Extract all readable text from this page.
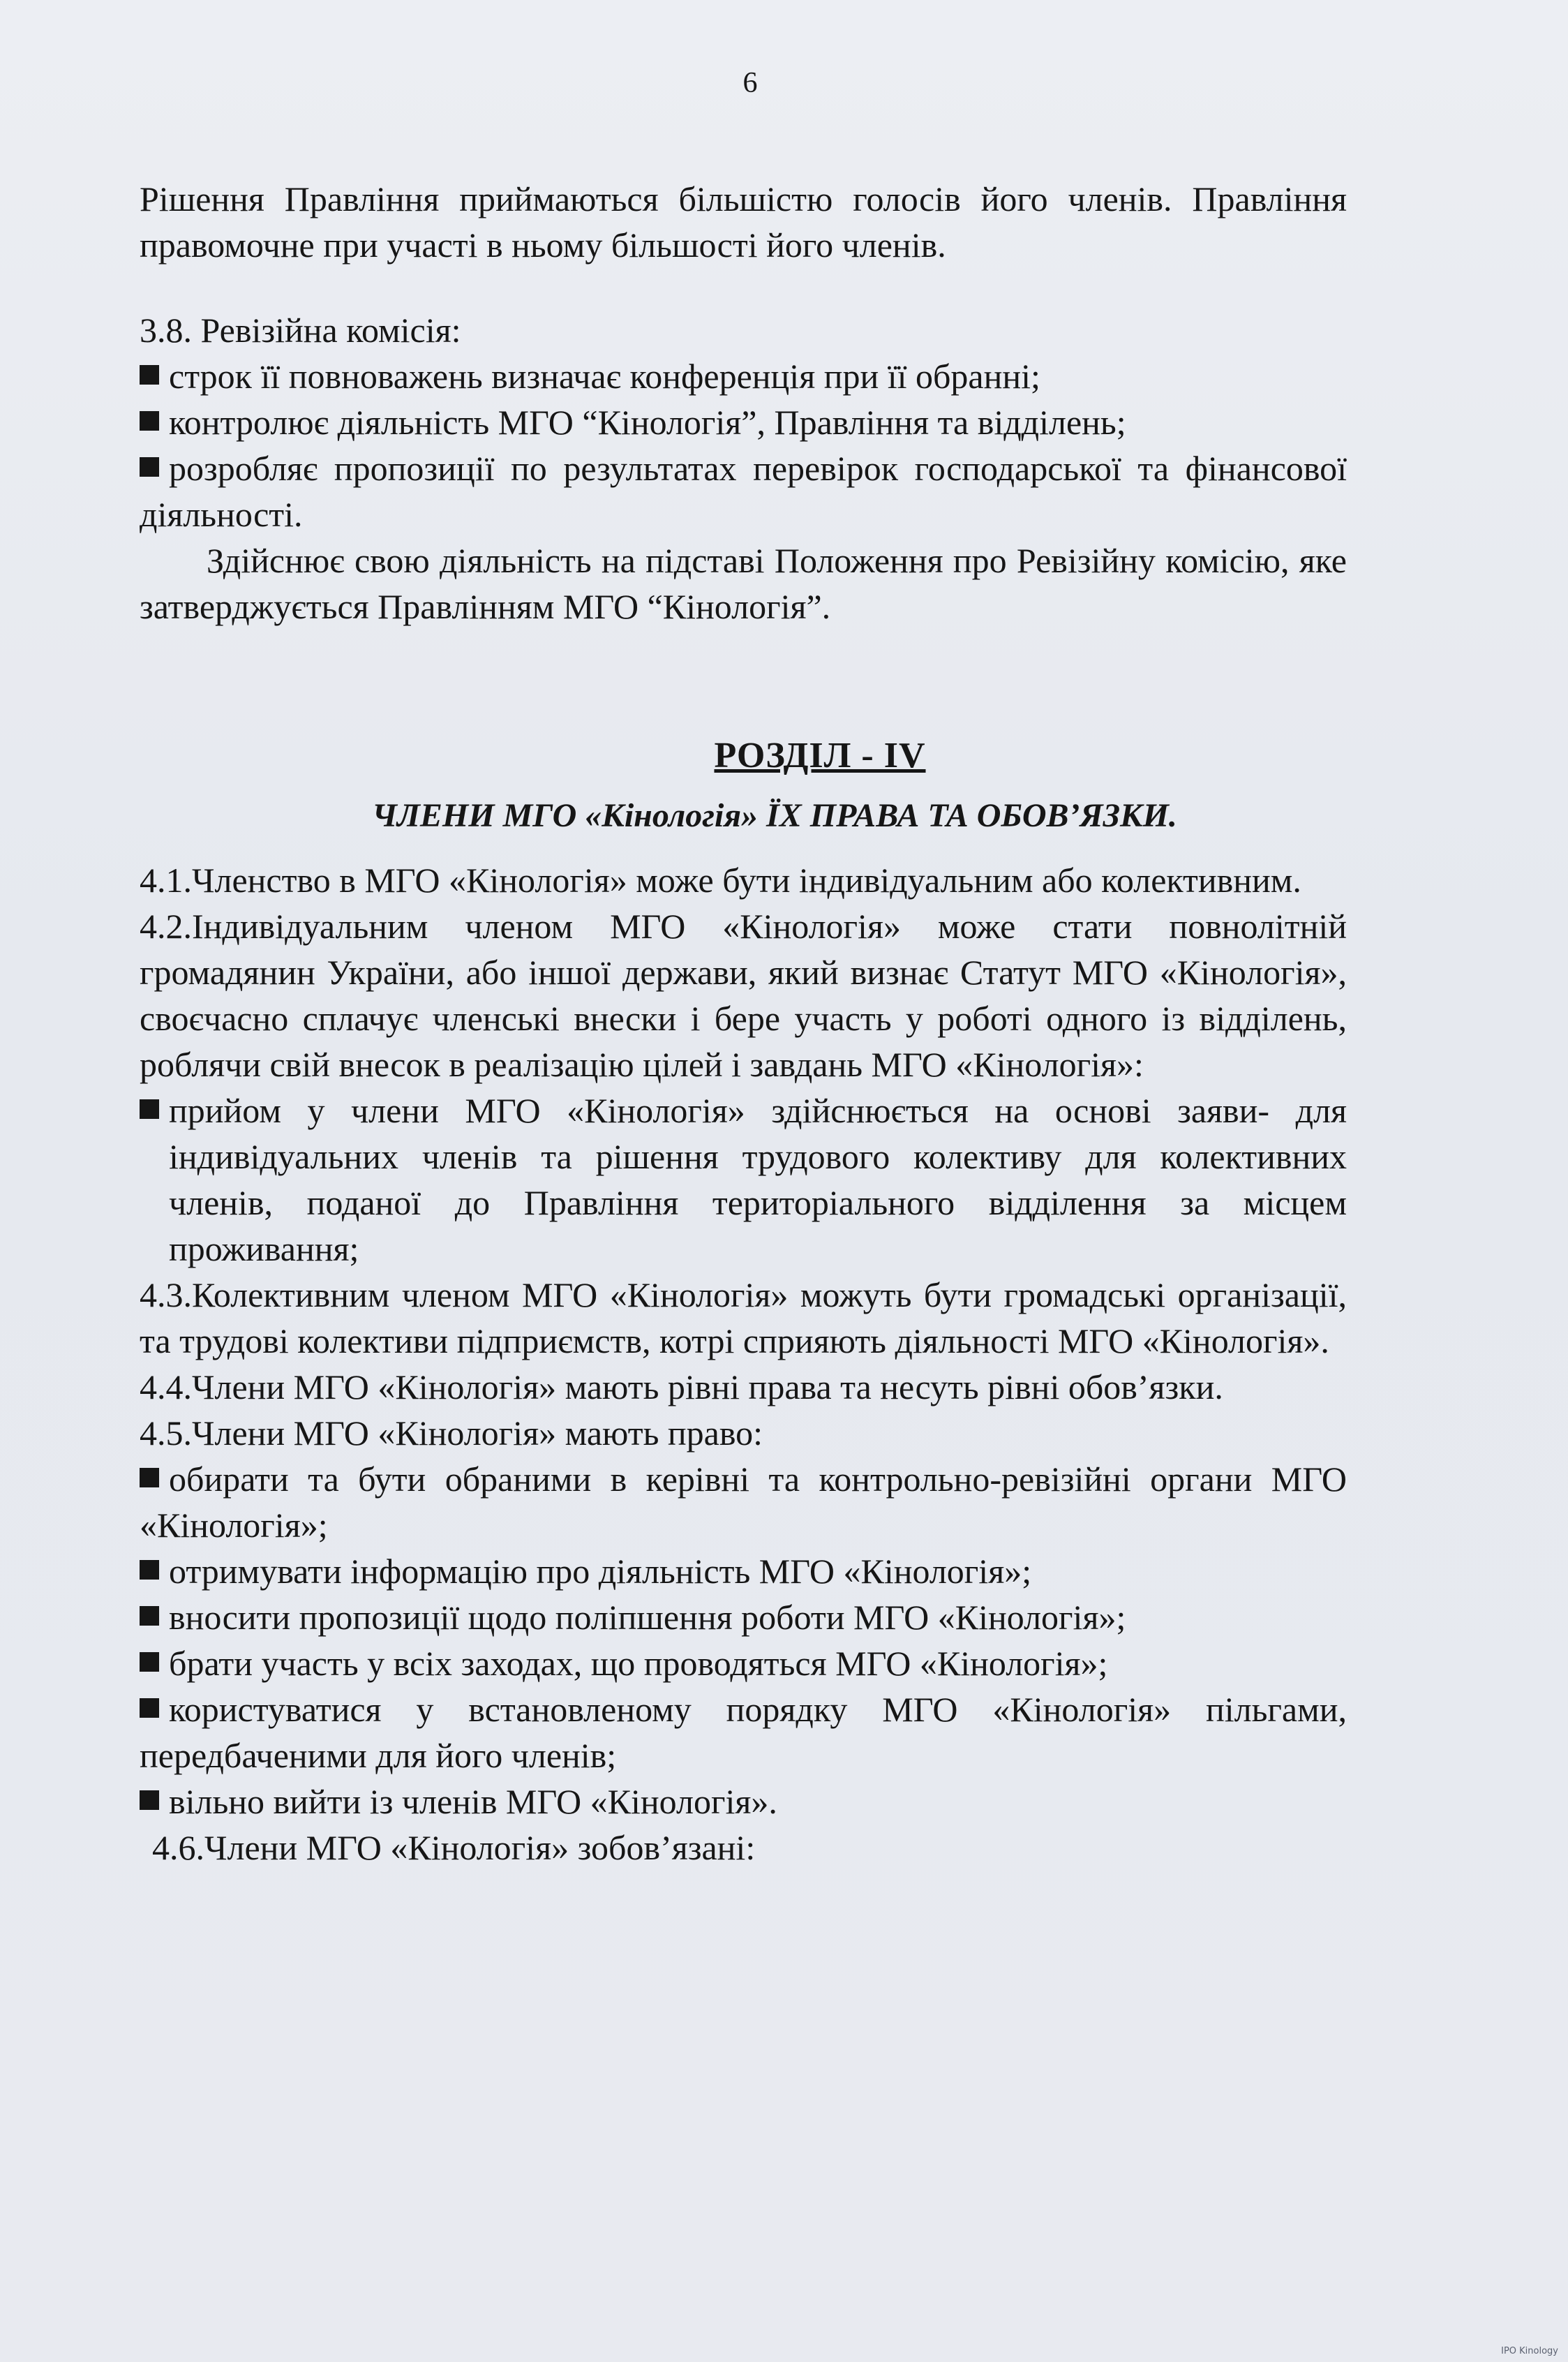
6

Рішення Правління приймаються більшістю голосів його членів. Правління правомочне при участі в ньому більшості його членів.

3.8. Ревізійна комісія:

строк її повноважень визначає конференція при її обранні;

контролює діяльність МГО “Кінологія”, Правління та відділень;

розробляє пропозиції по результатах перевірок господарської та фінансової діяльності.

Здійснює свою діяльність на підставі Положення про Ревізійну комісію, яке затверджується Правлінням МГО “Кінологія”.

РОЗДІЛ - IV
ЧЛЕНИ МГО «Кінологія» ЇХ ПРАВА ТА ОБОВ’ЯЗКИ.

4.1.Членство в МГО «Кінологія» може бути індивідуальним або колективним.

4.2.Індивідуальним членом МГО «Кінологія» може стати повнолітній громадянин України, або іншої держави, який визнає Статут МГО «Кінологія», своєчасно сплачує членські внески і бере участь у роботі одного із відділень, роблячи свій внесок в реалізацію цілей і завдань МГО «Кінологія»:

прийом у члени МГО «Кінологія» здійснюється на основі заяви- для індивідуальних членів та рішення трудового колективу для колективних членів, поданої до Правління територіального відділення за місцем проживання;

4.3.Колективним членом МГО «Кінологія» можуть бути громадські організації, та трудові колективи підприємств, котрі сприяють діяльності МГО «Кінологія».

4.4.Члени МГО «Кінологія» мають рівні права та несуть рівні обов’язки.

4.5.Члени МГО «Кінологія» мають право:

обирати та бути обраними в керівні та контрольно-ревізійні органи МГО «Кінологія»;

отримувати інформацію про діяльність МГО «Кінологія»;

вносити пропозиції щодо поліпшення роботи МГО «Кінологія»;

брати участь у всіх заходах, що проводяться МГО «Кінологія»;

користуватися у встановленому порядку МГО «Кінологія» пільгами, передбаченими для його членів;

вільно вийти із членів МГО «Кінологія».

4.6.Члени МГО «Кінологія» зобов’язані:

IPO Kinology
